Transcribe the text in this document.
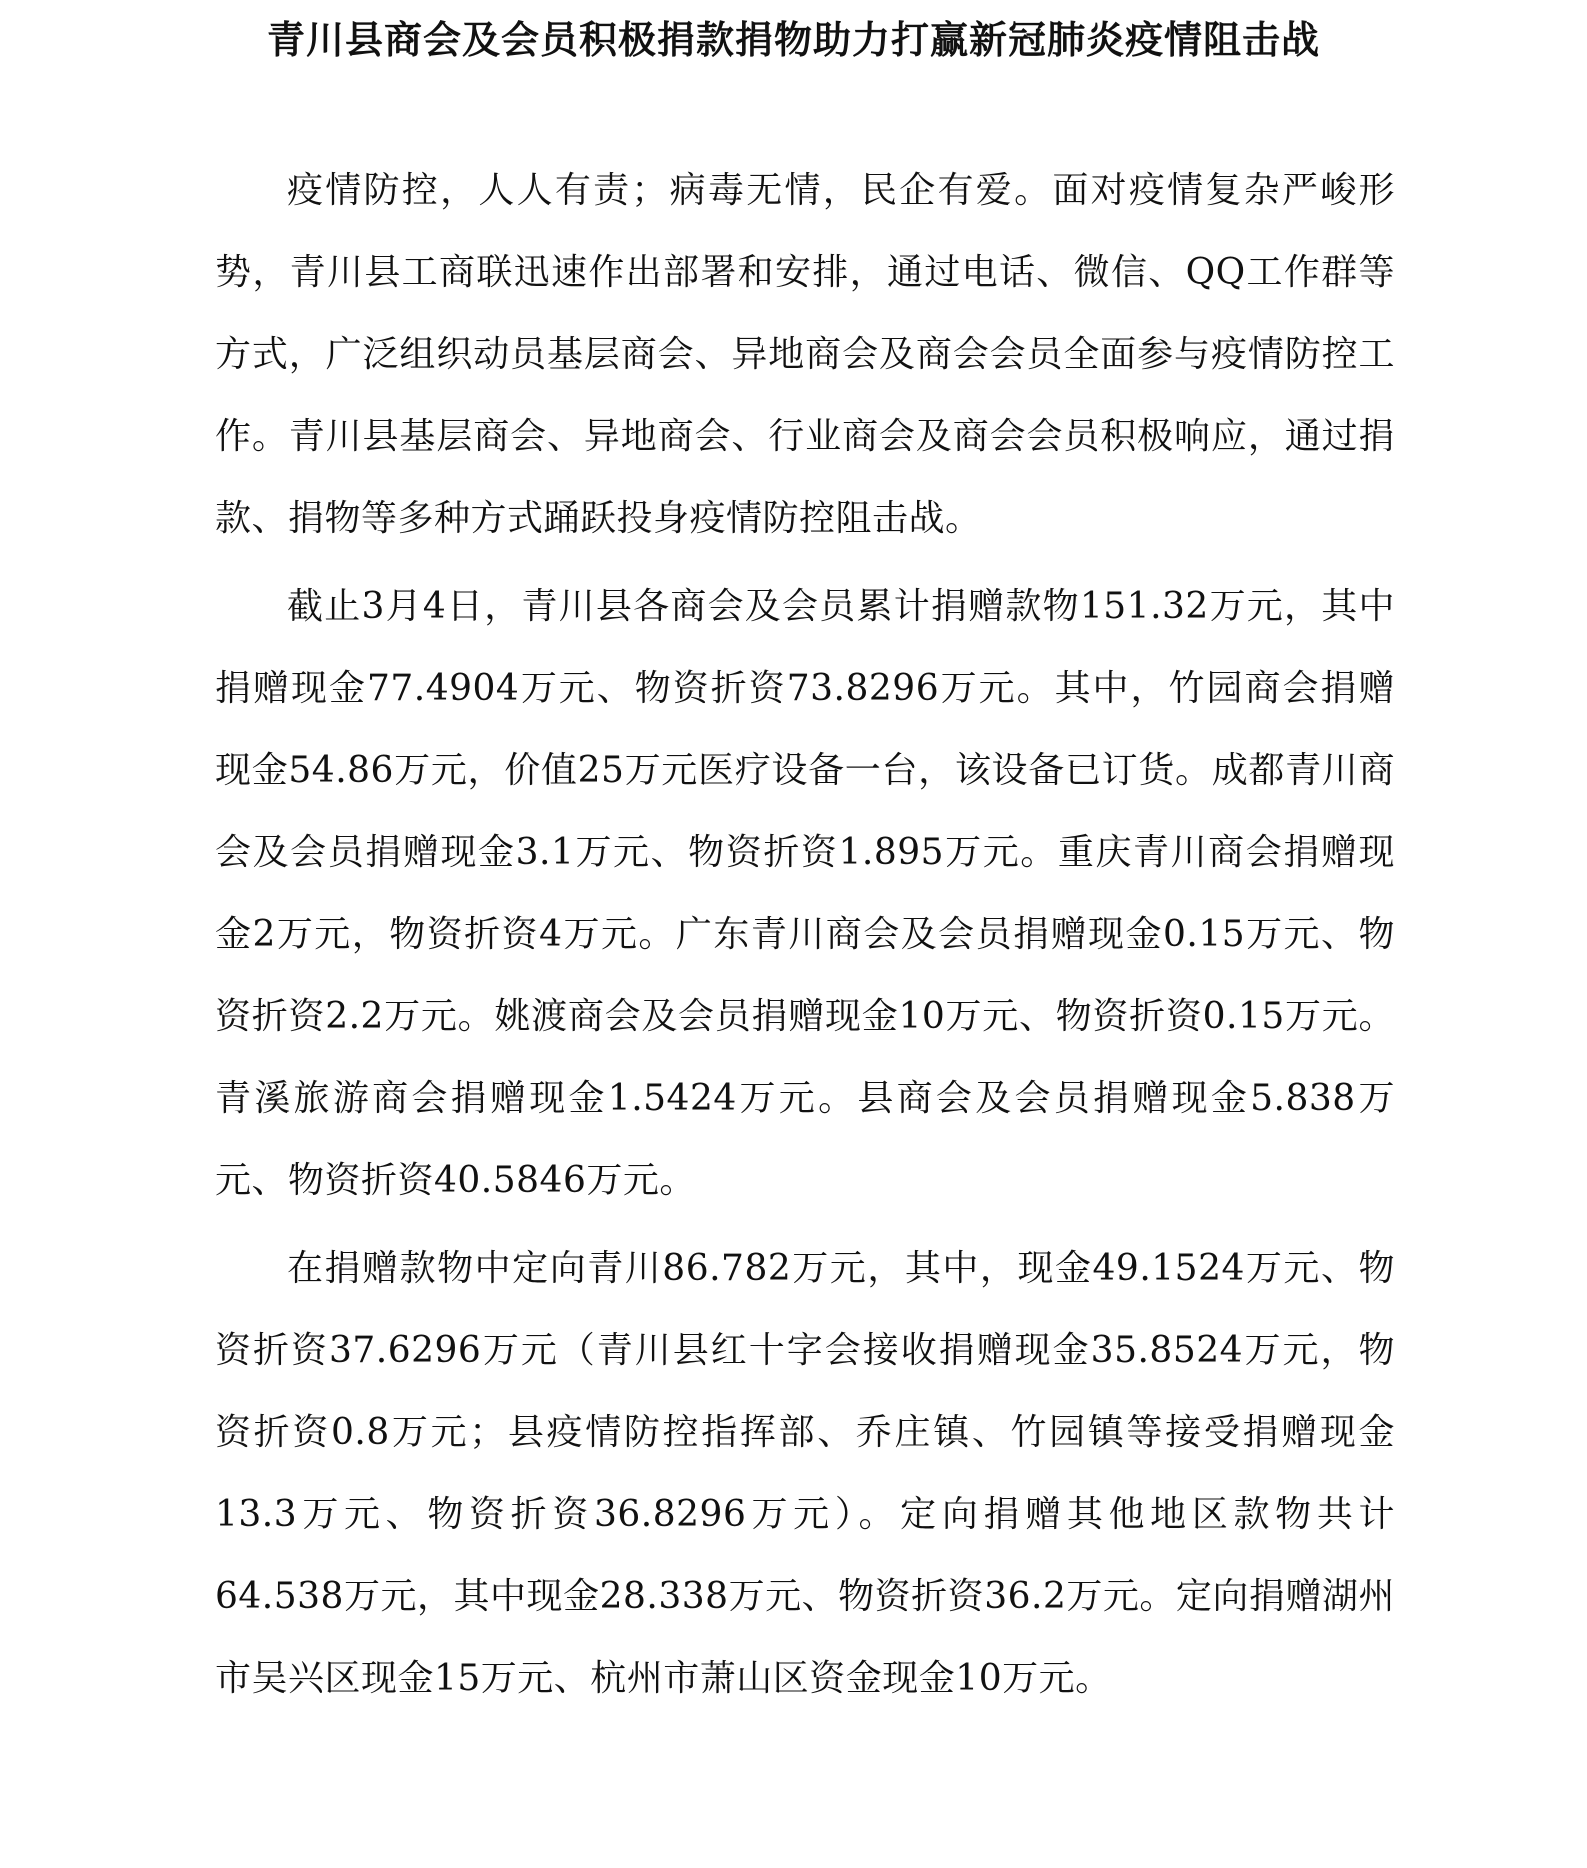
青川县商会及会员积极捐款捐物助力打赢新冠肺炎疫情阻击战

疫情防控，人人有责；病毒无情，民企有爱。面对疫情复杂严峻形势，青川县工商联迅速作出部署和安排，通过电话、微信、QQ工作群等方式，广泛组织动员基层商会、异地商会及商会会员全面参与疫情防控工作。青川县基层商会、异地商会、行业商会及商会会员积极响应，通过捐款、捐物等多种方式踊跃投身疫情防控阻击战。

截止3月4日，青川县各商会及会员累计捐赠款物151.32万元，其中捐赠现金77.4904万元、物资折资73.8296万元。其中，竹园商会捐赠现金54.86万元，价值25万元医疗设备一台，该设备已订货。成都青川商会及会员捐赠现金3.1万元、物资折资1.895万元。重庆青川商会捐赠现金2万元，物资折资4万元。广东青川商会及会员捐赠现金0.15万元、物资折资2.2万元。姚渡商会及会员捐赠现金10万元、物资折资0.15万元。青溪旅游商会捐赠现金1.5424万元。县商会及会员捐赠现金5.838万元、物资折资40.5846万元。

在捐赠款物中定向青川86.782万元，其中，现金49.1524万元、物资折资37.6296万元（青川县红十字会接收捐赠现金35.8524万元，物资折资0.8万元；县疫情防控指挥部、乔庄镇、竹园镇等接受捐赠现金13.3万元、物资折资36.8296万元）。定向捐赠其他地区款物共计64.538万元，其中现金28.338万元、物资折资36.2万元。定向捐赠湖州市吴兴区现金15万元、杭州市萧山区资金现金10万元。
